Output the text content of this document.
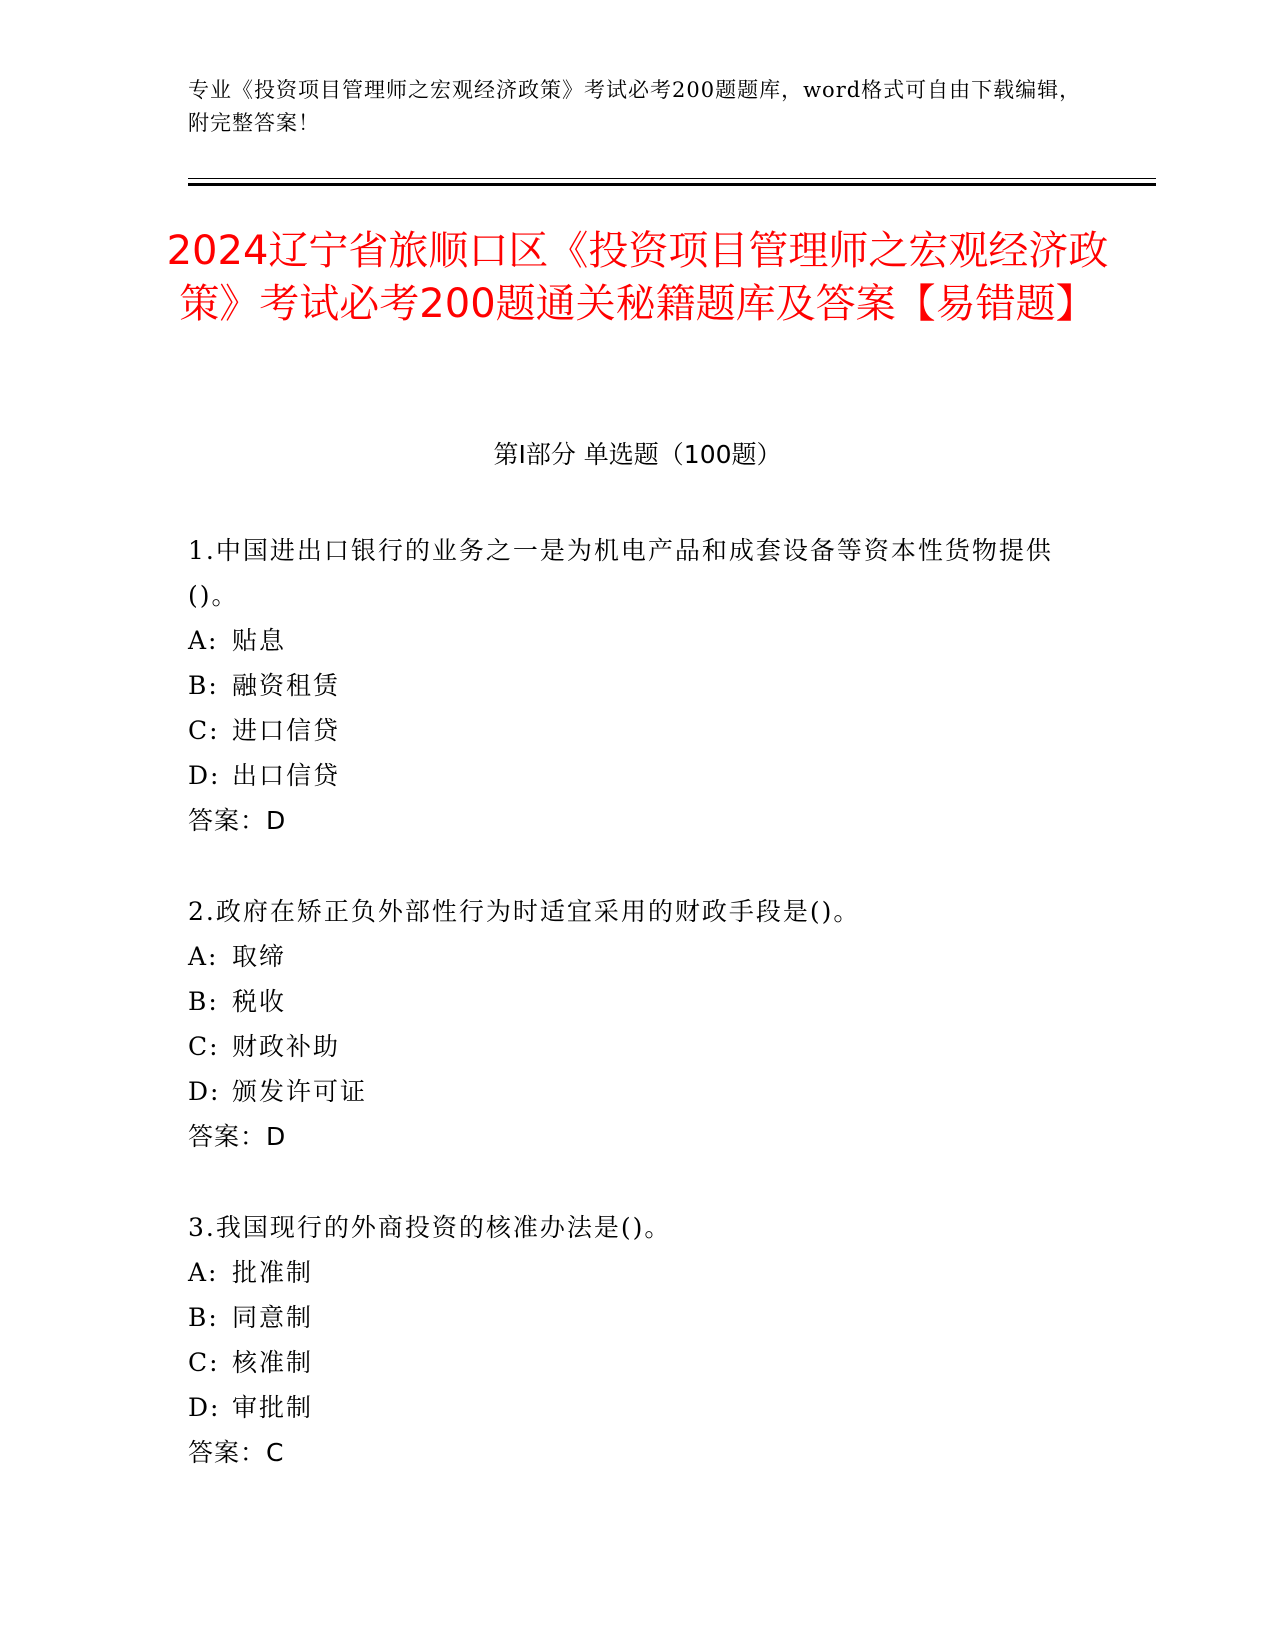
专业《投资项目管理师之宏观经济政策》考试必考200题题库，word格式可自由下载编辑，附完整答案！
2024辽宁省旅顺口区《投资项目管理师之宏观经济政策》考试必考200题通关秘籍题库及答案【易错题】
第I部分 单选题（100题）
1.中国进出口银行的业务之一是为机电产品和成套设备等资本性货物提供()。
A: 贴息
B: 融资租赁
C: 进口信贷
D: 出口信贷
答案：D
2.政府在矫正负外部性行为时适宜采用的财政手段是()。
A: 取缔
B: 税收
C: 财政补助
D: 颁发许可证
答案：D
3.我国现行的外商投资的核准办法是()。
A: 批准制
B: 同意制
C: 核准制
D: 审批制
答案：C
